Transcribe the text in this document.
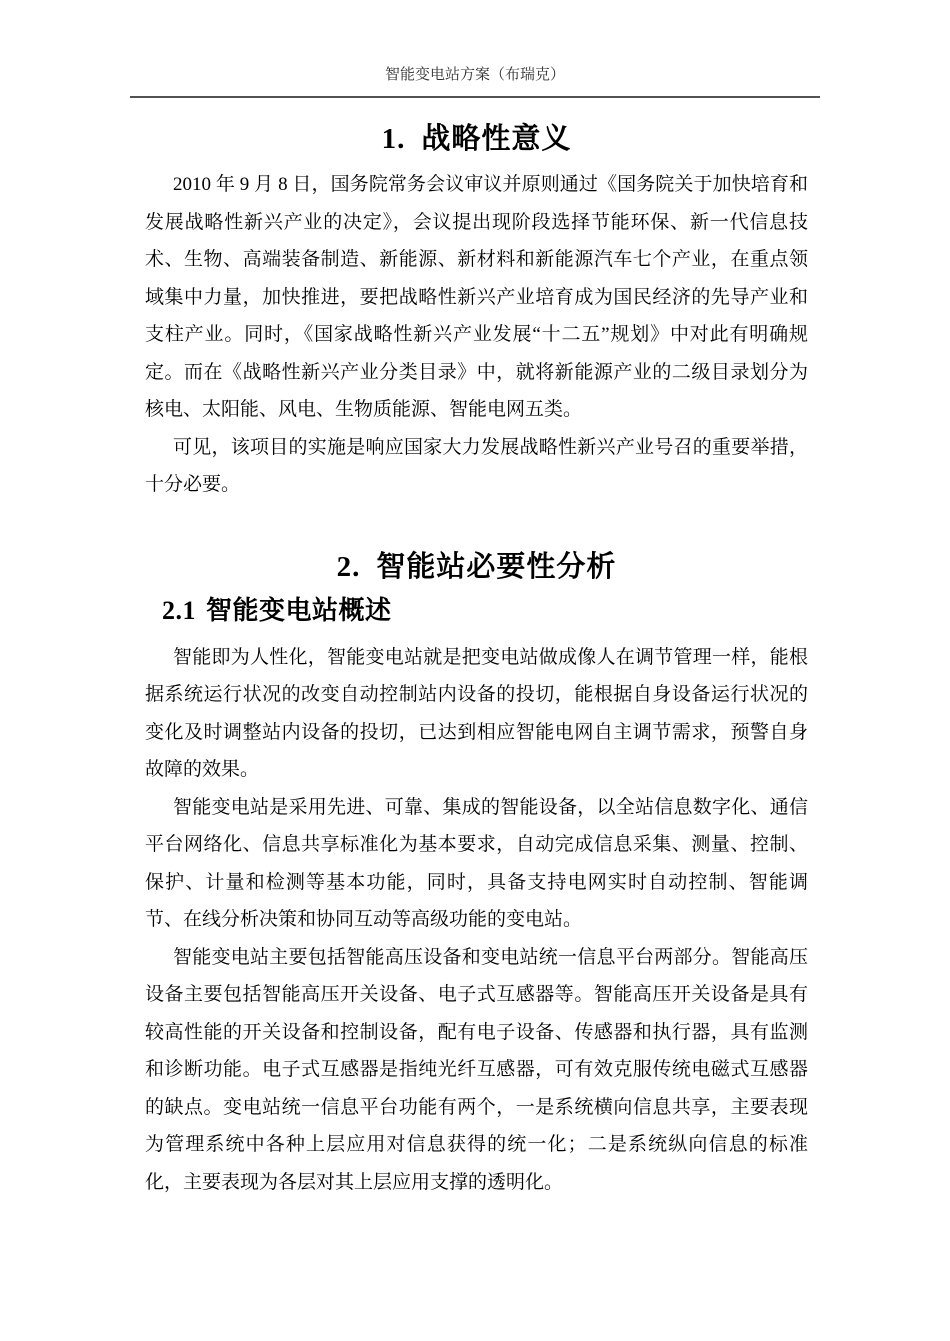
智能变电站方案（布瑞克）
1. 战略性意义

2010 年 9 月 8 日，国务院常务会议审议并原则通过《国务院关于加快培育和发展战略性新兴产业的决定》，会议提出现阶段选择节能环保、新一代信息技术、生物、高端装备制造、新能源、新材料和新能源汽车七个产业，在重点领域集中力量，加快推进，要把战略性新兴产业培育成为国民经济的先导产业和支柱产业。同时，《国家战略性新兴产业发展“十二五”规划》中对此有明确规定。而在《战略性新兴产业分类目录》中，就将新能源产业的二级目录划分为核电、太阳能、风电、生物质能源、智能电网五类。

可见，该项目的实施是响应国家大力发展战略性新兴产业号召的重要举措，十分必要。

2. 智能站必要性分析
2.1 智能变电站概述

智能即为人性化，智能变电站就是把变电站做成像人在调节管理一样，能根据系统运行状况的改变自动控制站内设备的投切，能根据自身设备运行状况的变化及时调整站内设备的投切，已达到相应智能电网自主调节需求，预警自身故障的效果。

智能变电站是采用先进、可靠、集成的智能设备，以全站信息数字化、通信平台网络化、信息共享标准化为基本要求，自动完成信息采集、测量、控制、保护、计量和检测等基本功能，同时，具备支持电网实时自动控制、智能调节、在线分析决策和协同互动等高级功能的变电站。

智能变电站主要包括智能高压设备和变电站统一信息平台两部分。智能高压设备主要包括智能高压开关设备、电子式互感器等。智能高压开关设备是具有较高性能的开关设备和控制设备，配有电子设备、传感器和执行器，具有监测和诊断功能。电子式互感器是指纯光纤互感器，可有效克服传统电磁式互感器的缺点。变电站统一信息平台功能有两个，一是系统横向信息共享，主要表现为管理系统中各种上层应用对信息获得的统一化；二是系统纵向信息的标准化，主要表现为各层对其上层应用支撑的透明化。
